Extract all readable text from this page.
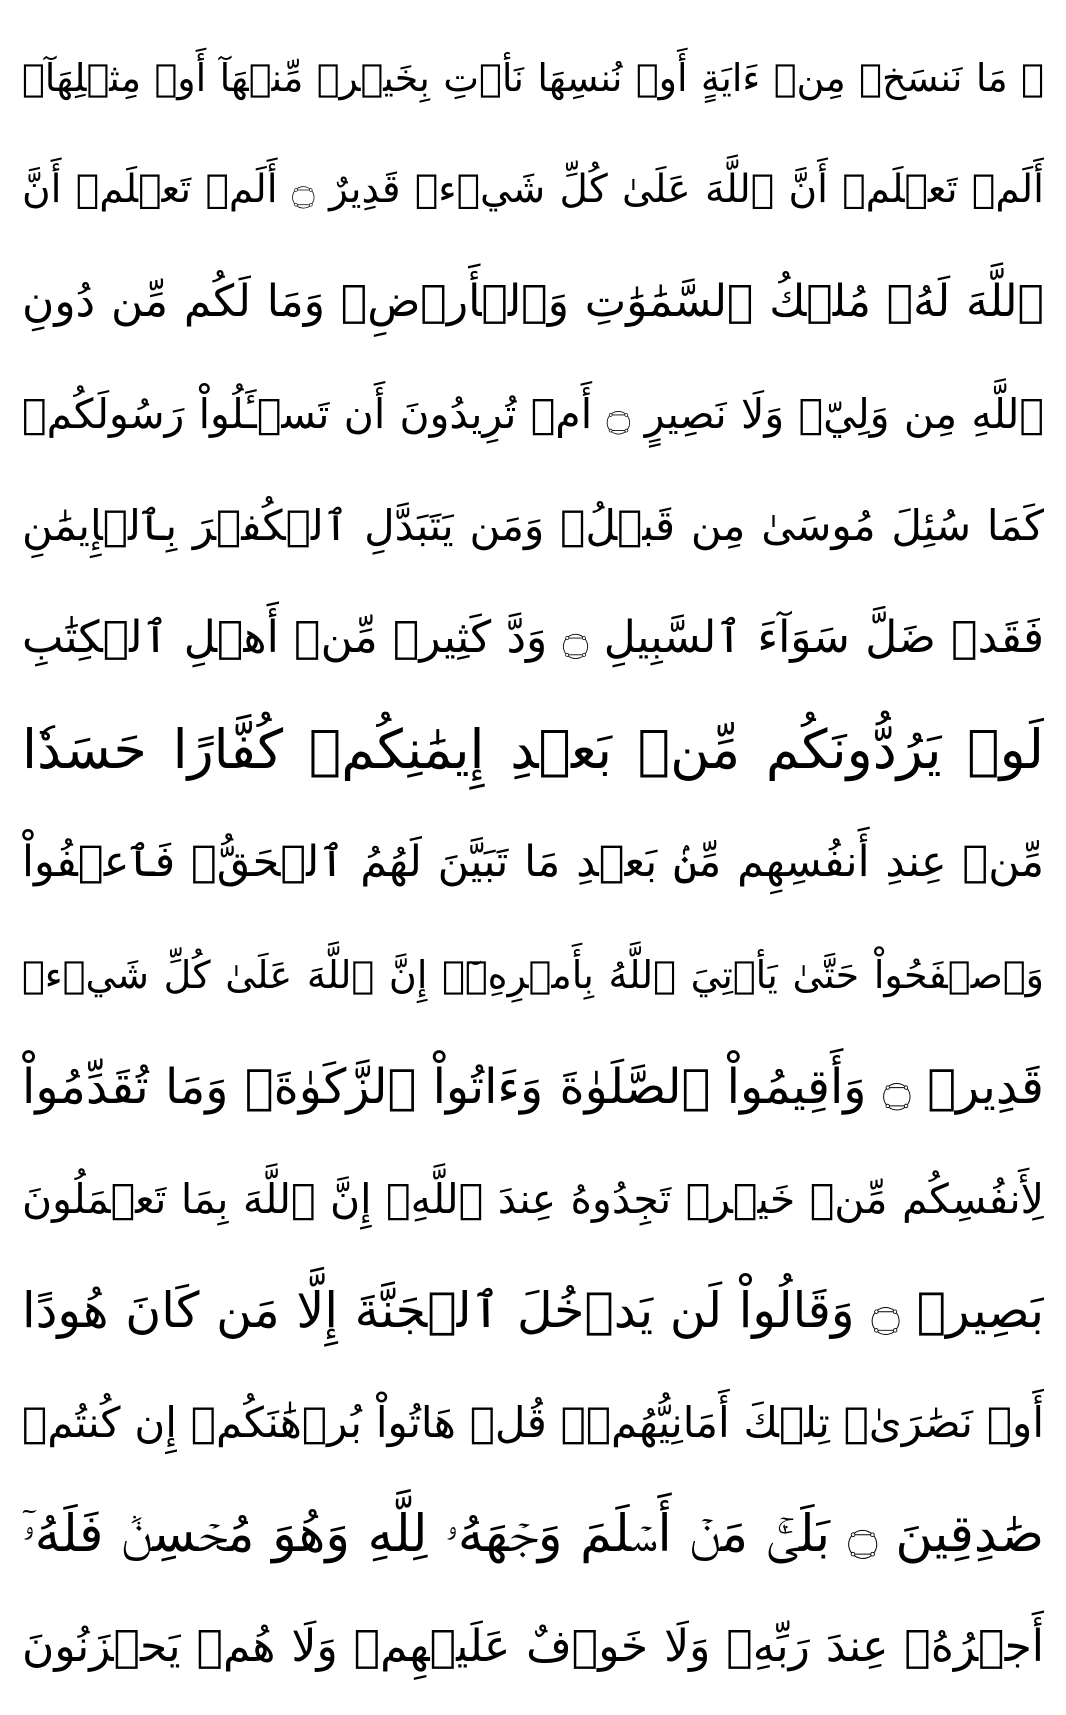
۞ مَا نَنسَخۡ مِنۡ ءَايَةٍ أَوۡ نُنسِهَا نَأۡتِ بِخَيۡرٖ مِّنۡهَآ أَوۡ مِثۡلِهَآۗ
أَلَمۡ تَعۡلَمۡ أَنَّ ٱللَّهَ عَلَىٰ كُلِّ شَيۡءٖ قَدِيرٌ ۝ أَلَمۡ تَعۡلَمۡ أَنَّ
ٱللَّهَ لَهُۥ مُلۡكُ ٱلسَّمَٰوَٰتِ وَٱلۡأَرۡضِۗ وَمَا لَكُم مِّن دُونِ
ٱللَّهِ مِن وَلِيّٖ وَلَا نَصِيرٍ ۝ أَمۡ تُرِيدُونَ أَن تَسۡـَٔلُواْ رَسُولَكُمۡ
كَمَا سُئِلَ مُوسَىٰ مِن قَبۡلُۗ وَمَن يَتَبَدَّلِ ٱلۡكُفۡرَ بِٱلۡإِيمَٰنِ
فَقَدۡ ضَلَّ سَوَآءَ ٱلسَّبِيلِ ۝ وَدَّ كَثِيرٞ مِّنۡ أَهۡلِ ٱلۡكِتَٰبِ
لَوۡ يَرُدُّونَكُم مِّنۢ بَعۡدِ إِيمَٰنِكُمۡ كُفَّارًا حَسَدٗا
مِّنۡ عِندِ أَنفُسِهِم مِّنۢ بَعۡدِ مَا تَبَيَّنَ لَهُمُ ٱلۡحَقُّۖ فَٱعۡفُواْ
وَٱصۡفَحُواْ حَتَّىٰ يَأۡتِيَ ٱللَّهُ بِأَمۡرِهِۦٓۗ إِنَّ ٱللَّهَ عَلَىٰ كُلِّ شَيۡءٖ
قَدِيرٞ ۝ وَأَقِيمُواْ ٱلصَّلَوٰةَ وَءَاتُواْ ٱلزَّكَوٰةَۚ وَمَا تُقَدِّمُواْ
لِأَنفُسِكُم مِّنۡ خَيۡرٖ تَجِدُوهُ عِندَ ٱللَّهِۗ إِنَّ ٱللَّهَ بِمَا تَعۡمَلُونَ
بَصِيرٞ ۝ وَقَالُواْ لَن يَدۡخُلَ ٱلۡجَنَّةَ إِلَّا مَن كَانَ هُودًا
أَوۡ نَصَٰرَىٰۗ تِلۡكَ أَمَانِيُّهُمۡۗ قُلۡ هَاتُواْ بُرۡهَٰنَكُمۡ إِن كُنتُمۡ
صَٰدِقِينَ ۝ بَلَىٰۚ مَنۡ أَسۡلَمَ وَجۡهَهُۥ لِلَّهِ وَهُوَ مُحۡسِنٞ فَلَهُۥٓ
أَجۡرُهُۥ عِندَ رَبِّهِۦ وَلَا خَوۡفٌ عَلَيۡهِمۡ وَلَا هُمۡ يَحۡزَنُونَ
